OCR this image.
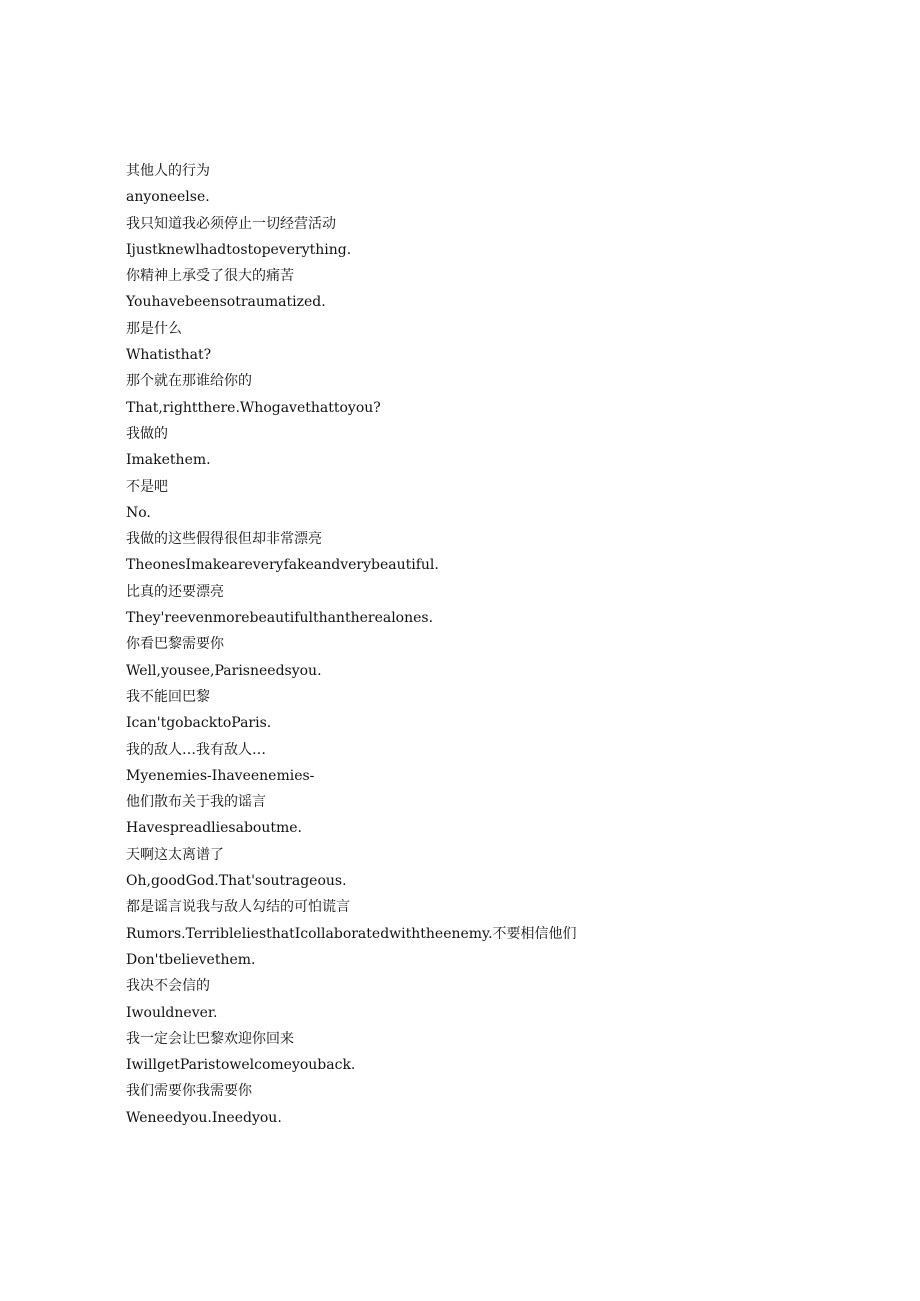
其他人的行为
anyoneelse.
我只知道我必须停止一切经营活动
Ijustknewlhadtostopeverything.
你精神上承受了很大的痛苦
Youhavebeensotraumatized.
那是什么
Whatisthat?
那个就在那谁给你的
That,rightthere.Whogavethattoyou?
我做的
Imakethem.
不是吧
No.
我做的这些假得很但却非常漂亮
TheonesImakeareveryfakeandverybeautiful.
比真的还要漂亮
They'reevenmorebeautifulthantherealones.
你看巴黎需要你
Well,yousee,Parisneedsyou.
我不能回巴黎
Ican'tgobacktoParis.
我的敌人…我有敌人…
Myenemies-Ihaveenemies-
他们散布关于我的谣言
Havespreadliesaboutme.
天啊这太离谱了
Oh,goodGod.That'soutrageous.
都是谣言说我与敌人勾结的可怕谎言
Rumors.TerribleliesthatIcollaboratedwiththeenemy.不要相信他们
Don'tbelievethem.
我决不会信的
Iwouldnever.
我一定会让巴黎欢迎你回来
IwillgetParistowelcomeyouback.
我们需要你我需要你
Weneedyou.Ineedyou.
